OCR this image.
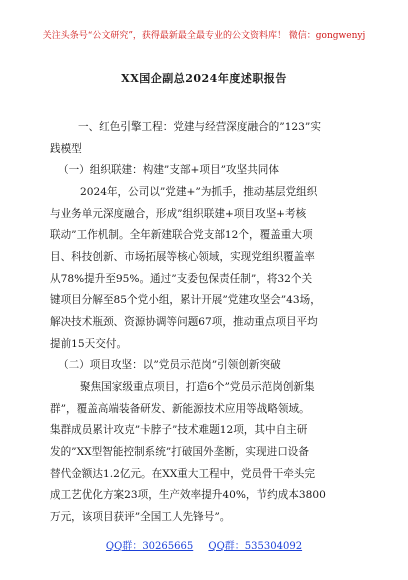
关注头条号“公文研究”，获得最新最全最专业的公文资料库！ 微信：gongwenyj
XX国企副总2024年度述职报告
一、红色引擎工程：党建与经营深度融合的”123”实
践模型
（一）组织联建：构建”支部+项目”攻坚共同体
2024年，公司以”党建+”为抓手，推动基层党组织
与业务单元深度融合，形成”组织联建+项目攻坚+考核
联动”工作机制。全年新建联合党支部12个，覆盖重大项
目、科技创新、市场拓展等核心领域，实现党组织覆盖率
从78%提升至95%。通过”支委包保责任制”，将32个关
键项目分解至85个党小组，累计开展”党建攻坚会”43场，
解决技术瓶颈、资源协调等问题67项，推动重点项目平均
提前15天交付。
（二）项目攻坚：以”党员示范岗”引领创新突破
聚焦国家级重点项目，打造6个”党员示范岗创新集
群”，覆盖高端装备研发、新能源技术应用等战略领域。
集群成员累计攻克”卡脖子”技术难题12项，其中自主研
发的”XX型智能控制系统”打破国外垄断，实现进口设备
替代金额达1.2亿元。在XX重大工程中，党员骨干牵头完
成工艺优化方案23项，生产效率提升40%，节约成本3800
万元，该项目获评”全国工人先锋号”。
QQ群：30265665 QQ群：535304092
